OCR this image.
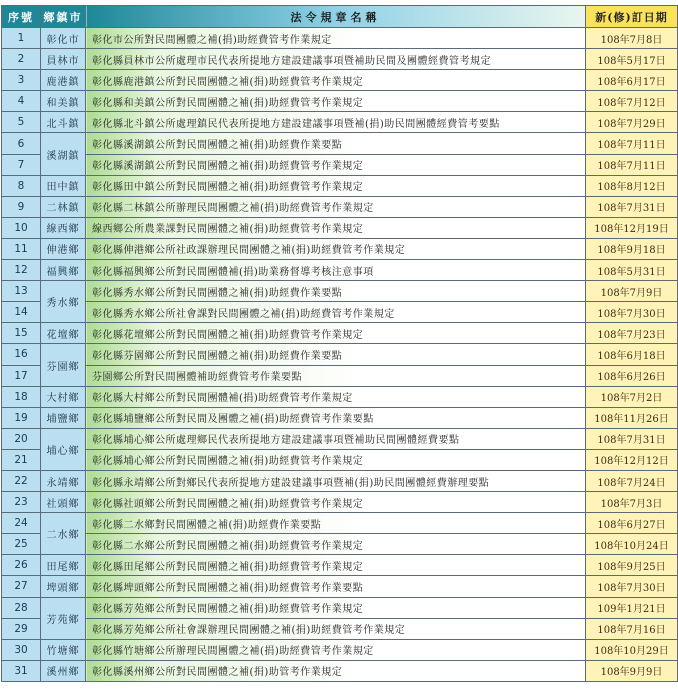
序號	鄉鎮市	法令規章名稱	新(修)訂日期
1	彰化市	彰化市公所對民間團體之補(捐)助經費管考作業規定	108年7月8日
2	員林市	彰化縣員林市公所處理市民代表所提地方建設建議事項暨補助民間及團體經費管考規定	108年5月17日
3	鹿港鎮	彰化縣鹿港鎮公所對民間團體之補(捐)助經費管考作業規定	108年6月17日
4	和美鎮	彰化縣和美鎮公所對民間團體之補(捐)助經費管考作業規定	108年7月12日
5	北斗鎮	彰化縣北斗鎮公所處理鎮民代表所提地方建設建議事項暨補(捐)助民間團體經費管考要點	108年7月29日
6	溪湖鎮	彰化縣溪湖鎮公所對民間團體之補(捐)助經費作業要點	108年7月11日
7		彰化縣溪湖鎮公所對民間團體之補(捐)助經費管考作業規定	108年7月11日
8	田中鎮	彰化縣田中鎮公所對民間團體之補(捐)助經費管考作業規定	108年8月12日
9	二林鎮	彰化縣二林鎮公所辦理民間團體之補(捐)助經費管考作業規定	108年7月31日
10	線西鄉	線西鄉公所農業課對民間團體之補(捐)助經費管考作業規定	108年12月19日
11	伸港鄉	彰化縣伸港鄉公所社政課辦理民間團體之補(捐)助經費管考作業規定	108年9月18日
12	福興鄉	彰化縣福興鄉公所對民間團體補(捐)助業務督導考核注意事項	108年5月31日
13	秀水鄉	彰化縣秀水鄉公所對民間團體之補(捐)助經費作業要點	108年7月9日
14		彰化縣秀水鄉公所社會課對民間團體之補(捐)助經費管考作業規定	108年7月30日
15	花壇鄉	彰化縣花壇鄉公所對民間團體之補(捐)助經費管考作業規定	108年7月23日
16	芬園鄉	彰化縣芬園鄉公所對民間團體之補(捐)助經費作業要點	108年6月18日
17		芬園鄉公所對民間團體補助經費管考作業要點	108年6月26日
18	大村鄉	彰化縣大村鄉公所對民間團體補(捐)助經費管考作業規定	108年7月2日
19	埔鹽鄉	彰化縣埔鹽鄉公所對民間及團體之補(捐)助經費管考作業要點	108年11月26日
20	埔心鄉	彰化縣埔心鄉公所處理鄉民代表所提地方建設建議事項暨補助民間團體經費要點	108年7月31日
21		彰化縣埔心鄉公所對民間團體之補(捐)助經費管考作業規定	108年12月12日
22	永靖鄉	彰化縣永靖鄉公所對鄉民代表所提地方建設建議事項暨補(捐)助民間團體經費辦理要點	108年7月24日
23	社頭鄉	彰化縣社頭鄉公所對民間團體之補(捐)助經費管考作業規定	108年7月3日
24	二水鄉	彰化縣二水鄉對民間團體之補(捐)助經費作業要點	108年6月27日
25		彰化縣二水鄉公所對民間團體之補(捐)助經費管考作業規定	108年10月24日
26	田尾鄉	彰化縣田尾鄉公所對民間團體之補(捐)助經費管考作業規定	108年9月25日
27	埤頭鄉	彰化縣埤頭鄉公所對民間團體之補(捐)助經費管考作業要點	108年7月30日
28	芳苑鄉	彰化縣芳苑鄉公所對民間團體之補(捐)助經費管考作業規定	109年1月21日
29		彰化縣芳苑鄉公所社會課辦理民間團體之補(捐)助經費管考作業規定	108年7月16日
30	竹塘鄉	彰化縣竹塘鄉公所辦理民間團體之補(捐)助經費管考作業規定	108年10月29日
31	溪州鄉	彰化縣溪州鄉公所對民間團體之補(捐)助管考作業規定	108年9月9日
